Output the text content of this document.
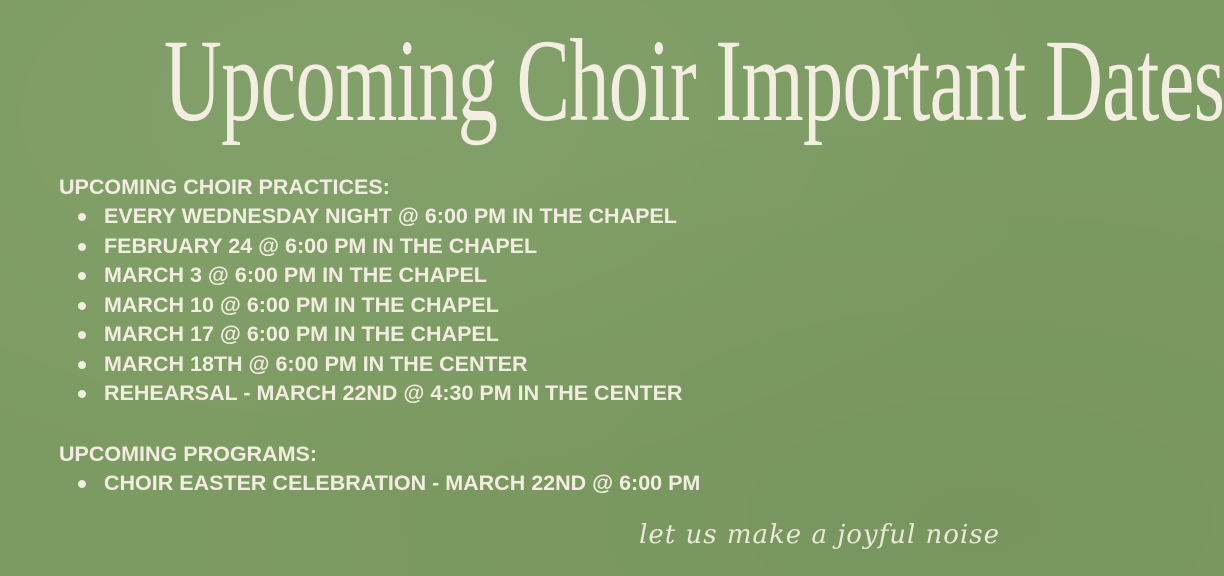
Upcoming Choir Important Dates
UPCOMING CHOIR PRACTICES:
EVERY WEDNESDAY NIGHT @ 6:00 PM IN THE CHAPEL
FEBRUARY 24 @ 6:00 PM IN THE CHAPEL
MARCH 3 @ 6:00 PM IN THE CHAPEL
MARCH 10 @ 6:00 PM IN THE CHAPEL
MARCH 17 @ 6:00 PM IN THE CHAPEL
MARCH 18TH @ 6:00 PM IN THE CENTER
REHEARSAL - MARCH 22ND @ 4:30 PM IN THE CENTER
UPCOMING PROGRAMS:
CHOIR EASTER CELEBRATION - MARCH 22ND @ 6:00 PM
let us make a joyful noise
